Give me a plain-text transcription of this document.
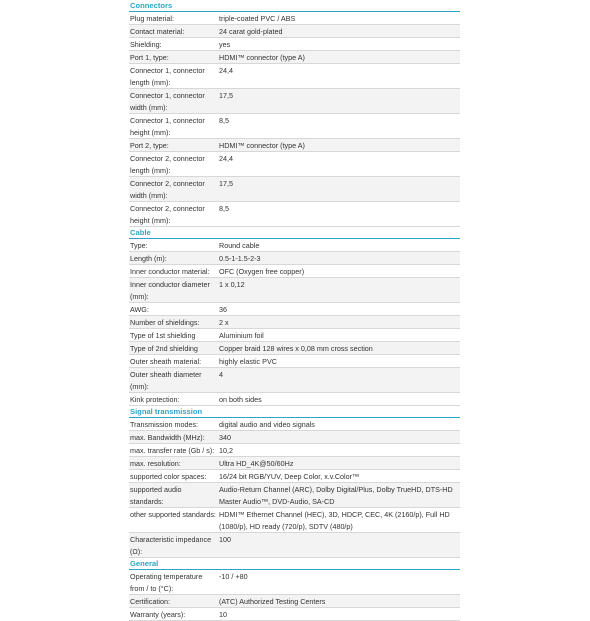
Connectors
Plug material:	triple-coated PVC / ABS
Contact material:	24 carat gold-plated
Shielding:	yes
Port 1, type:	HDMI™ connector (type A)
Connector 1, connector length (mm):
24,4
Connector 1, connector width (mm):
17,5
Connector 1, connector height (mm):
8,5
Port 2, type:	HDMI™ connector (type A)
Connector 2, connector length (mm):
24,4
Connector 2, connector width (mm):
17,5
Connector 2, connector height (mm):
8,5
Cable
Type:	Round cable
Length (m):	0.5-1-1.5-2-3
Inner conductor material:	OFC (Oxygen free copper)
Inner conductor diameter (mm):
1 x 0,12
AWG:	36
Number of shieldings:	2 x
Type of 1st shielding	Aluminium foil
Type of 2nd shielding	Copper braid 128 wires x 0,08 mm cross section
Outer sheath material:	highly elastic PVC
Outer sheath diameter (mm):
4
Kink protection:	on both sides
Signal transmission
Transmission modes:	digital audio and video signals
max. Bandwidth (MHz):	340
max. transfer rate (Gb / s): 10,2
max. resolution:	Ultra HD_4K@50/60Hz
supported color spaces:	16/24 bit RGB/YUV, Deep Color, x.v.Color™
supported audio standards:
Audio-Return Channel (ARC), Dolby Digital/Plus, Dolby TrueHD, DTS-HD Master Audio™, DVD-Audio, SA-CD
other supported standards: HDMI™ Ethernet Channel (HEC), 3D, HDCP, CEC, 4K (2160/p), Full HD (1080/p), HD ready (720/p), SDTV (480/p)
Characteristic impedance (Ω):
100
General
Operating temperature from / to (°C):
-10 / +80
Certification:	(ATC) Authorized Testing Centers
Warranty (years):	10
